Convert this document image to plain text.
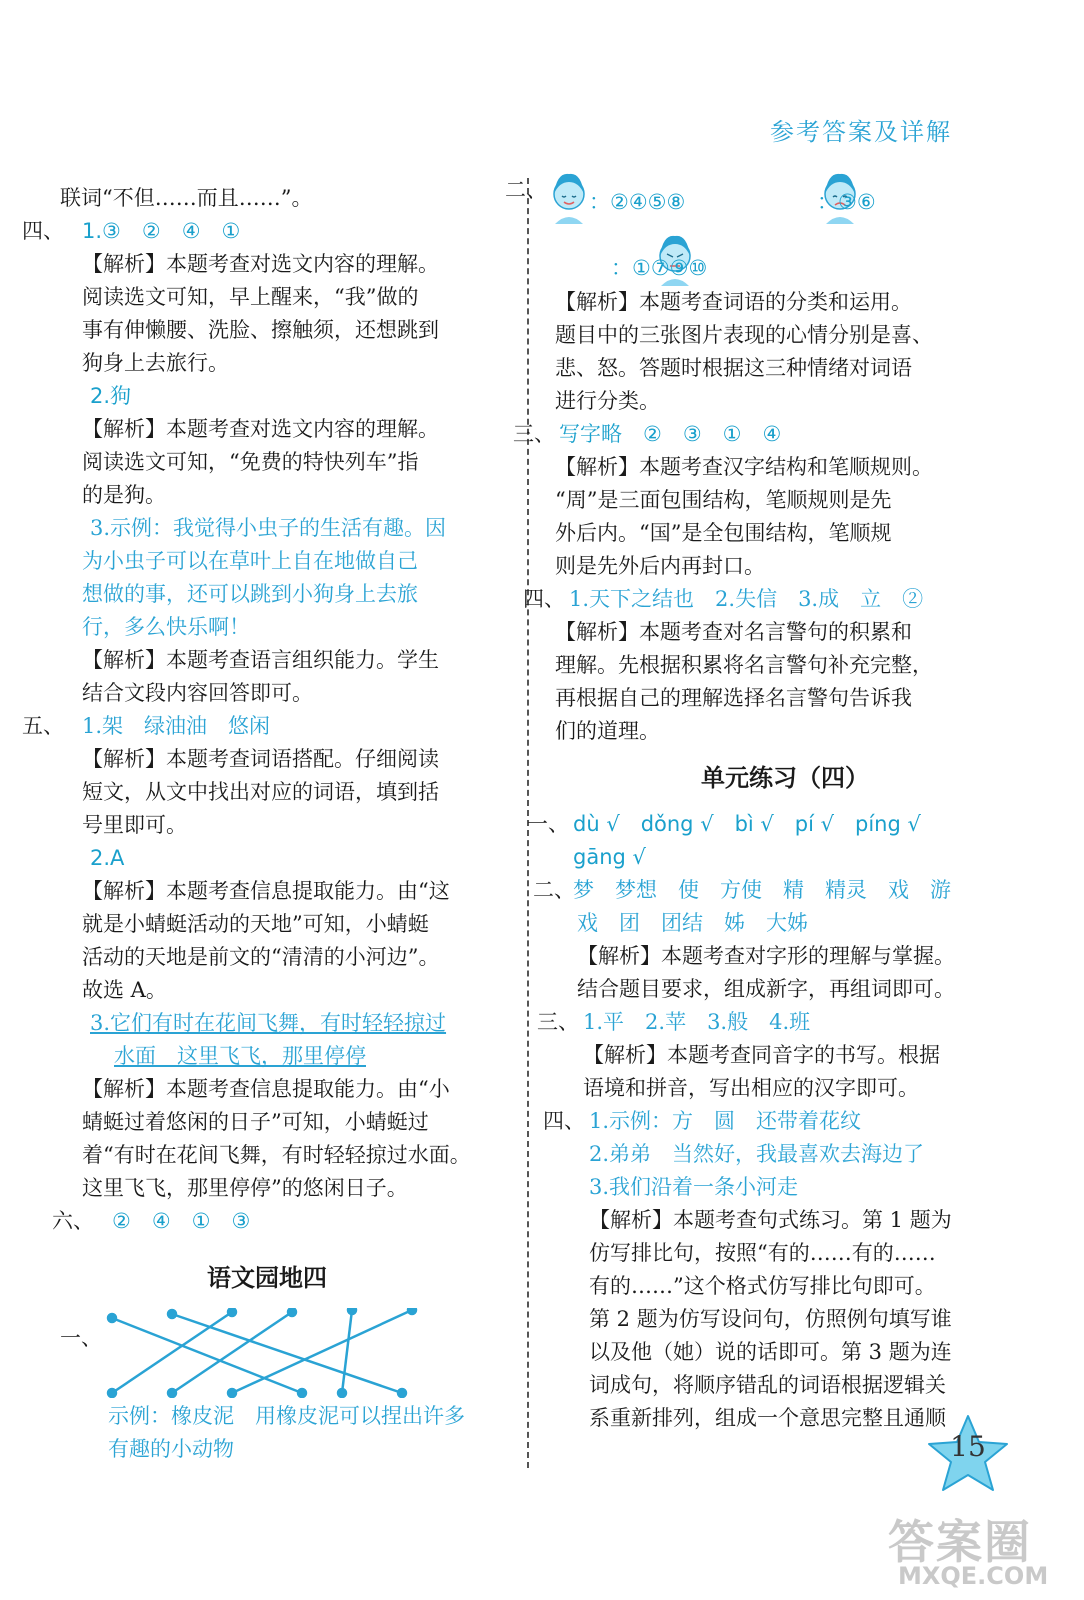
参考答案及详解
联词“不但……而且……”。
四、 1.③　②　④　①
【解析】本题考查对选文内容的理解。
阅读选文可知，早上醒来，“我”做的
事有伸懒腰、洗脸、擦触须，还想跳到
狗身上去旅行。
2.狗
【解析】本题考查对选文内容的理解。
阅读选文可知，“免费的特快列车”指
的是狗。
3.示例：我觉得小虫子的生活有趣。因
为小虫子可以在草叶上自在地做自己
想做的事，还可以跳到小狗身上去旅
行，多么快乐啊！
【解析】本题考查语言组织能力。学生
结合文段内容回答即可。
五、 1.架　绿油油　悠闲
【解析】本题考查词语搭配。仔细阅读
短文，从文中找出对应的词语，填到括
号里即可。
2.A
【解析】本题考查信息提取能力。由“这
就是小蜻蜓活动的天地”可知，小蜻蜓
活动的天地是前文的“清清的小河边”。
故选 A。
3.它们有时在花间飞舞，有时轻轻掠过
水面　这里飞飞，那里停停
【解析】本题考查信息提取能力。由“小
蜻蜓过着悠闲的日子”可知，小蜻蜓过
着“有时在花间飞舞，有时轻轻掠过水面。
这里飞飞，那里停停”的悠闲日子。
六、 ②　④　①　③
语文园地四
一、
示例：橡皮泥　用橡皮泥可以捏出许多
有趣的小动物
二、
：②④⑤⑧
	：③⑥
：①⑦⑨⑩
【解析】本题考查词语的分类和运用。
题目中的三张图片表现的心情分别是喜、
悲、怒。答题时根据这三种情绪对词语
进行分类。
三、 写字略　②　③　①　④
【解析】本题考查汉字结构和笔顺规则。
“周”是三面包围结构，笔顺规则是先
外后内。“国”是全包围结构，笔顺规
则是先外后内再封口。
四、 1.天下之结也　2.失信　3.成　立　②
【解析】本题考查对名言警句的积累和
理解。先根据积累将名言警句补充完整，
再根据自己的理解选择名言警句告诉我
们的道理。
单元练习（四）
一、 dù √　dǒng √　bì √　pí √　píng √
gāng √
二、梦　梦想　使　方使　精　精灵　戏　游
戏　团　团结　姊　大姊
【解析】本题考查对字形的理解与掌握。
结合题目要求，组成新字，再组词即可。
三、 1.平　2.苹　3.般　4.班
【解析】本题考查同音字的书写。根据
语境和拼音，写出相应的汉字即可。
四、 1.示例：方　圆　还带着花纹
2.弟弟　当然好，我最喜欢去海边了
3.我们沿着一条小河走
【解析】本题考查句式练习。第 1 题为
仿写排比句，按照“有的……有的……
有的……”这个格式仿写排比句即可。
第 2 题为仿写设问句，仿照例句填写谁
以及他（她）说的话即可。第 3 题为连
词成句，将顺序错乱的词语根据逻辑关
系重新排列，组成一个意思完整且通顺
15
答案圈
MXQE.COM
